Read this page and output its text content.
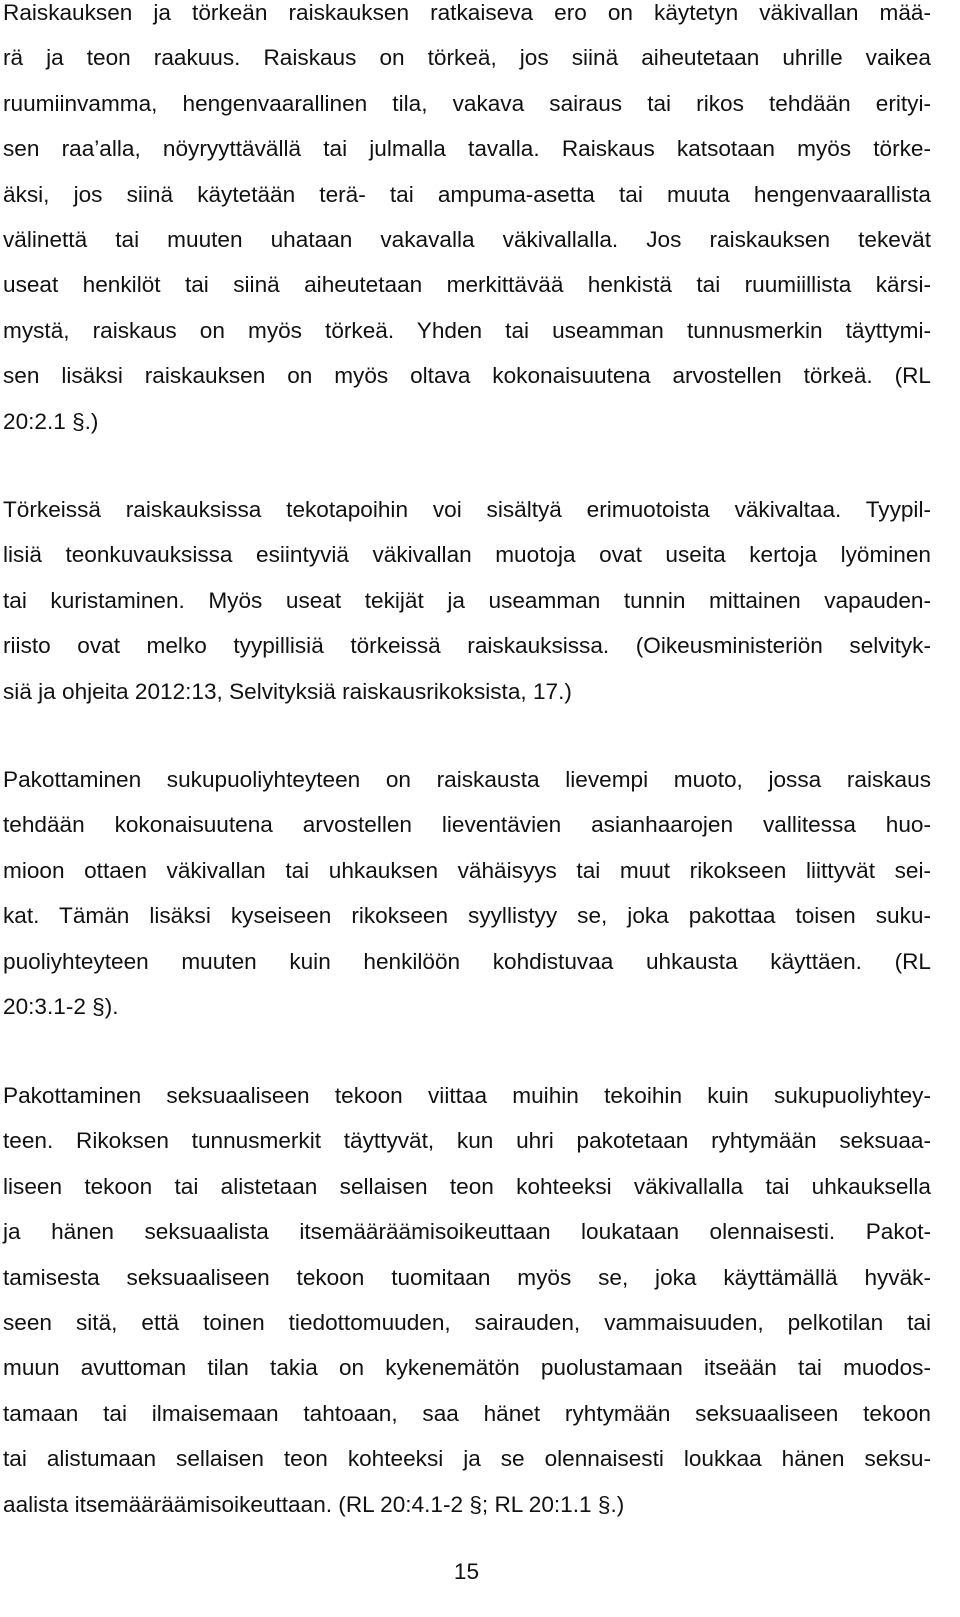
Raiskauksen ja törkeän raiskauksen ratkaiseva ero on käytetyn väkivallan mää-
rä ja teon raakuus. Raiskaus on törkeä, jos siinä aiheutetaan uhrille vaikea
ruumiinvamma, hengenvaarallinen tila, vakava sairaus tai rikos tehdään erityi-
sen raa’alla, nöyryyttävällä tai julmalla tavalla. Raiskaus katsotaan myös törke-
äksi, jos siinä käytetään terä- tai ampuma-asetta tai muuta hengenvaarallista
välinettä tai muuten uhataan vakavalla väkivallalla. Jos raiskauksen tekevät
useat henkilöt tai siinä aiheutetaan merkittävää henkistä tai ruumiillista kärsi-
mystä, raiskaus on myös törkeä. Yhden tai useamman tunnusmerkin täyttymi-
sen lisäksi raiskauksen on myös oltava kokonaisuutena arvostellen törkeä. (RL
20:2.1 §.)
Törkeissä raiskauksissa tekotapoihin voi sisältyä erimuotoista väkivaltaa. Tyypil-
lisiä teonkuvauksissa esiintyviä väkivallan muotoja ovat useita kertoja lyöminen
tai kuristaminen. Myös useat tekijät ja useamman tunnin mittainen vapauden-
riisto ovat melko tyypillisiä törkeissä raiskauksissa. (Oikeusministeriön selvityk-
siä ja ohjeita 2012:13, Selvityksiä raiskausrikoksista, 17.)
Pakottaminen sukupuoliyhteyteen on raiskausta lievempi muoto, jossa raiskaus
tehdään kokonaisuutena arvostellen lieventävien asianhaarojen vallitessa huo-
mioon ottaen väkivallan tai uhkauksen vähäisyys tai muut rikokseen liittyvät sei-
kat. Tämän lisäksi kyseiseen rikokseen syyllistyy se, joka pakottaa toisen suku-
puoliyhteyteen muuten kuin henkilöön kohdistuvaa uhkausta käyttäen. (RL
20:3.1-2 §).
Pakottaminen seksuaaliseen tekoon viittaa muihin tekoihin kuin sukupuoliyhtey-
teen. Rikoksen tunnusmerkit täyttyvät, kun uhri pakotetaan ryhtymään seksuaa-
liseen tekoon tai alistetaan sellaisen teon kohteeksi väkivallalla tai uhkauksella
ja hänen seksuaalista itsemääräämisoikeuttaan loukataan olennaisesti. Pakot-
tamisesta seksuaaliseen tekoon tuomitaan myös se, joka käyttämällä hyväk-
seen sitä, että toinen tiedottomuuden, sairauden, vammaisuuden, pelkotilan tai
muun avuttoman tilan takia on kykenemätön puolustamaan itseään tai muodos-
tamaan tai ilmaisemaan tahtoaan, saa hänet ryhtymään seksuaaliseen tekoon
tai alistumaan sellaisen teon kohteeksi ja se olennaisesti loukkaa hänen seksu-
aalista itsemääräämisoikeuttaan. (RL 20:4.1-2 §; RL 20:1.1 §.)
15
